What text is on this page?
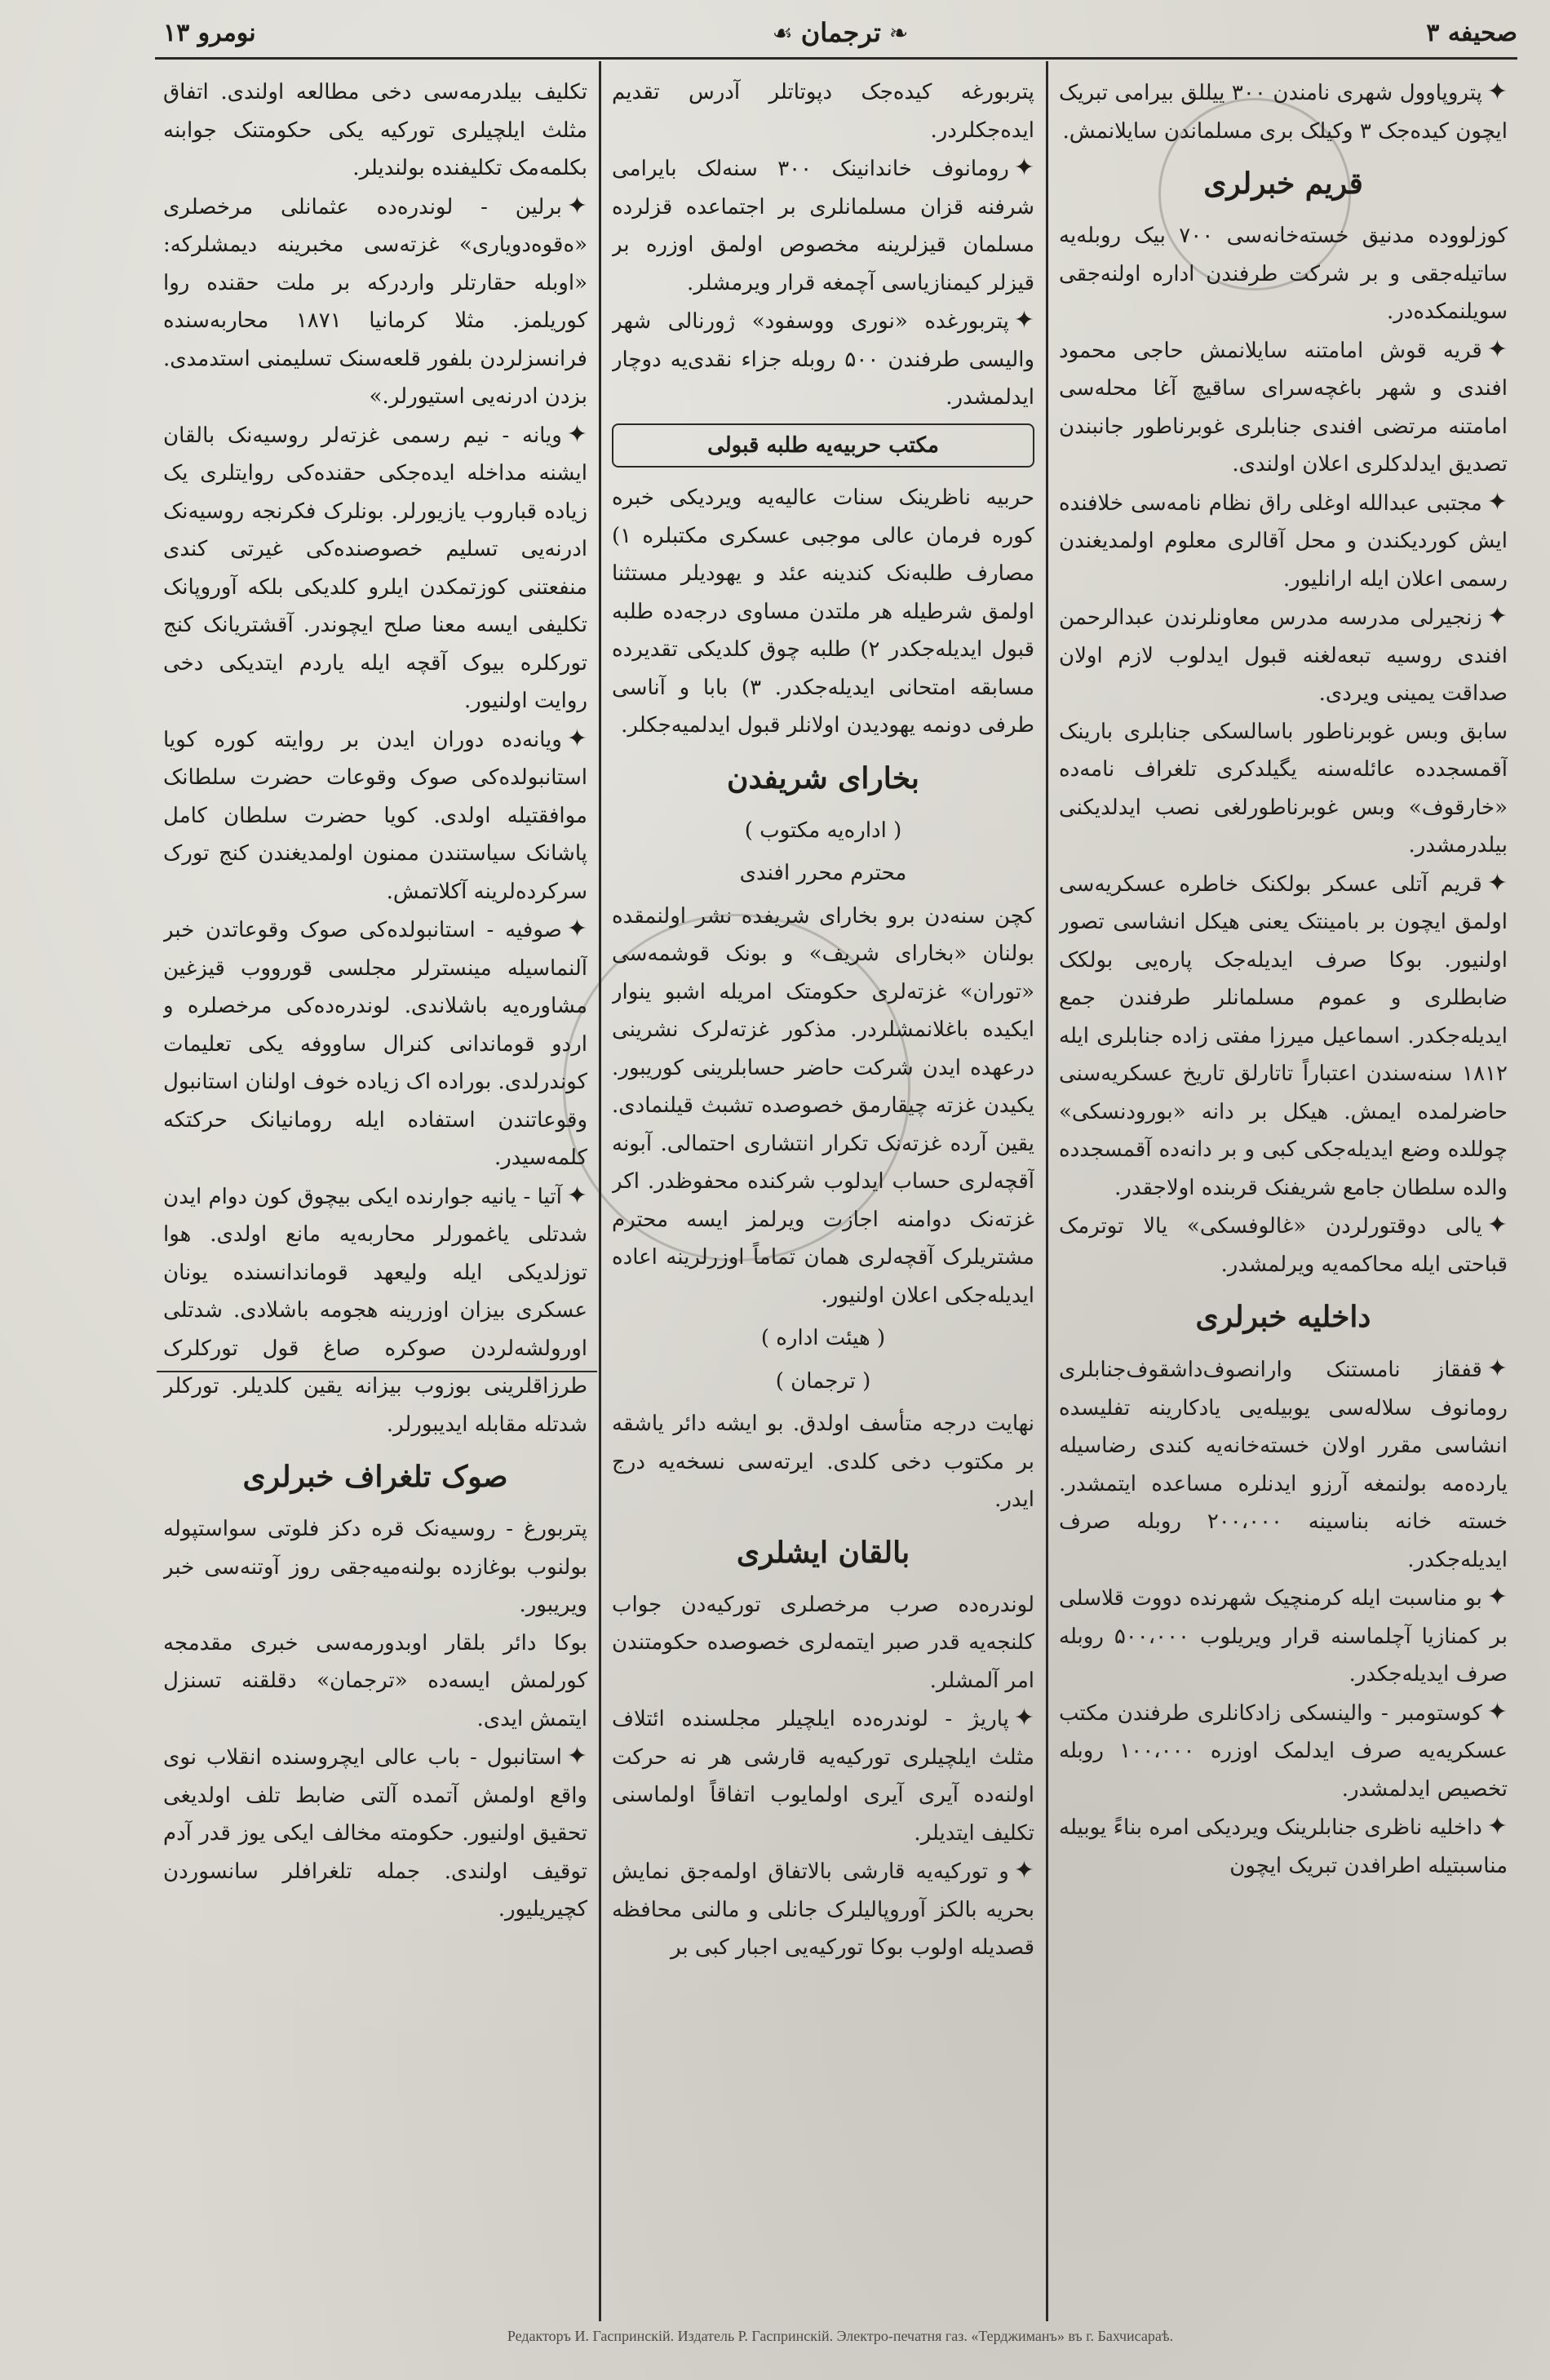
صحیفه ۳
❧
ترجمان
☙
نومرو ۱۳

✦پتروپاوول شهری نامندن ۳۰۰ ییللق بیرامی تبریک ایچون کیده‌جک ۳ وکیلک بری مسلماندن سایلانمش.

قریم خبرلری

کوزلووده مدنیق خسته‌خانه‌سی ۷۰۰ بیک روبله‌یه ساتیله‌جقی و بر شرکت طرفندن اداره اولنه‌جقی سویلنمکده‌در.

✦قریه قوش امامتنه سایلانمش حاجی محمود افندی و شهر باغچه‌سرای ساقیچ آغا محله‌سی امامتنه مرتضی افندی جنابلری غوبرناطور جانبندن تصدیق ایدلدکلری اعلان اولندی.

✦مجتبی عبدالله اوغلی راق نظام نامه‌سی خلافنده ایش کوردیکندن و محل آقالری معلوم اولمدیغندن رسمی اعلان ایله ارانلیور.

✦زنجیرلی مدرسه مدرس معاونلرندن عبدالرحمن افندی روسیه تبعه‌لغنه قبول ایدلوب لازم اولان صداقت یمینی ویردی.

سابق وبس غوبرناطور باسالسکی جنابلری بارینک آقمسجدده عائله‌سنه یگیلدکری تلغراف نامه‌ده «خارقوف» وبس غوبرناطورلغی نصب ایدلدیکنی بیلدرمشدر.

✦قریم آتلی عسکر بولکنک خاطره عسکریه‌سی اولمق ایچون بر بامینتک یعنی هیکل انشاسی تصور اولنیور. بوکا صرف ایدیله‌جک پاره‌یی بولکک ضابطلری و عموم مسلمانلر طرفندن جمع ایدیله‌جکدر. اسماعیل میرزا مفتی زاده جنابلری ایله ۱۸۱۲ سنه‌سندن اعتباراً تاتارلق تاریخ عسکریه‌سنی حاضرلمده ایمش. هیکل بر دانه «بورودنسکی» چوللده وضع ایدیله‌جکی کبی و بر دانه‌ده آقمسجدده والده سلطان جامع شریفنک قربنده اولاجقدر.

✦یالی دوقتورلردن «غالوفسکی» یالا توترمک قباحتی ایله محاکمه‌یه ویرلمشدر.

داخلیه خبرلری

✦قفقاز نامستنک وارانصوف‌داشقوف‌جنابلری رومانوف سلاله‌سی یوبیله‌یی یادکارینه تفلیسده انشاسی مقرر اولان خسته‌خانه‌یه کندی رضاسیله یارده‌مه بولنمغه آرزو ایدنلره مساعده ایتمشدر. خسته خانه بناسینه ۲۰۰،۰۰۰ روبله صرف ایدیله‌جکدر.

✦بو مناسبت ایله کرمنچیک شهرنده دووت قلاسلی بر کمنازیا آچلماسنه قرار ویریلوب ۵۰۰،۰۰۰ روبله صرف ایدیله‌جکدر.

✦کوستومبر - والینسکی زادکانلری طرفندن مکتب عسکریه‌یه صرف ایدلمک اوزره ۱۰۰،۰۰۰ روبله تخصیص ایدلمشدر.

✦داخلیه ناظری جنابلرینک ویردیکی امره بناءً یوبیله مناسبتیله اطرافدن تبریک ایچون

پتربورغه کیده‌جک دپوتاتلر آدرس تقدیم ایده‌جکلردر.

✦رومانوف خاندانینک ۳۰۰ سنه‌لک بایرامی شرفنه قزان مسلمانلری بر اجتماعده قزلرده مسلمان قیزلرینه مخصوص اولمق اوزره بر قیزلر کیمنازیاسی آچمغه قرار ویرمشلر.

✦پتربورغده «نوری ووسفود» ژورنالی شهر والیسی طرفندن ۵۰۰ روبله جزاء نقدی‌یه دوچار ایدلمشدر.

مکتب حربیه‌یه طلبه قبولی

حربیه ناظرینک سنات عالیه‌یه ویردیکی خبره کوره فرمان عالی موجبی عسکری مکتبلره ۱) مصارف طلبه‌نک کندینه عئد و یهودیلر مستثنا اولمق شرطیله هر ملتدن مساوی درجه‌ده طلبه قبول ایدیله‌جکدر ۲) طلبه چوق کلدیکی تقدیرده مسابقه امتحانی ایدیله‌جکدر. ۳) بابا و آناسی طرفی دونمه یهودیدن اولانلر قبول ایدلمیه‌جکلر.

بخارای شریفدن
( اداره‌یه مکتوب )
محترم محرر افندی

کچن سنه‌دن برو بخارای شریفده نشر اولنمقده بولنان «بخارای شریف» و بونک قوشمه‌سی «توران» غزته‌لری حکومتک امریله اشبو ینوار ایکیده باغلانمشلردر. مذکور غزته‌لرک نشرینی درعهده ایدن شرکت حاضر حسابلرینی کوریبور. یکیدن غزته چیقارمق خصوصده تشبث قیلنمادی. یقین آرده غزته‌نک تکرار انتشاری احتمالی. آبونه آقچه‌لری حساب ایدلوب شرکنده محفوظدر. اکر غزته‌نک دوامنه اجازت ویرلمز ایسه محترم مشتریلرک آقچه‌لری همان تماماً اوزرلرینه اعاده ایدیله‌جکی اعلان اولنیور.

( هیئت اداره )
( ترجمان )

نهایت درجه متأسف اولدق. بو ایشه دائر یاشقه بر مکتوب دخی کلدی. ایرته‌سی نسخه‌یه درج ایدر.

بالقان ایشلری

لوندره‌ده صرب مرخصلری تورکیه‌دن جواب کلنجه‌یه قدر صبر ایتمه‌لری خصوصده حکومتندن امر آلمشلر.

✦پاریژ - لوندره‌ده ایلچیلر مجلسنده ائتلاف مثلث ایلچیلری تورکیه‌یه قارشی هر نه حرکت اولنه‌ده آیری آیری اولمایوب اتفاقاً اولماسنی تکلیف ایتدیلر.

✦و تورکیه‌یه قارشی بالاتفاق اولمه‌جق نمایش بحریه بالکز آوروپالیلرک جانلی و مالنی محافظه قصدیله اولوب بوکا تورکیه‌یی اجبار کبی بر

تکلیف بیلدرمه‌سی دخی مطالعه اولندی. اتفاق مثلث ایلچیلری تورکیه یکی حکومتنک جوابنه بکلمه‌مک تکلیفنده بولندیلر.

✦برلین - لوندره‌ده عثمانلی مرخصلری «ه‌قوه‌دو‌یاری» غزته‌سی مخبرینه دیمشلرکه: «اوبله حقارتلر واردرکه بر ملت حقنده روا کوریلمز. مثلا کرمانیا ۱۸۷۱ محاربه‌سنده فرانسزلردن بلفور قلعه‌سنک تسلیمنی استدمدی. بزدن ادرنه‌یی استیورلر.»

✦ویانه - نیم رسمی غزته‌لر روسیه‌نک بالقان ایشنه مداخله ایده‌جکی حقنده‌کی روایتلری یک زیاده قباروب یازیورلر. بونلرک فکرنجه روسیه‌نک ادرنه‌یی تسلیم خصوصنده‌کی غیرتی کندی منفعتنی کوزتمکدن ایلرو کلدیکی بلکه آوروپانک تکلیفی ایسه معنا صلح ایچوندر. آقشتریانک کنج تورکلره بیوک آقچه ایله یاردم ایتدیکی دخی روایت اولنیور.

✦ویانه‌ده دوران ایدن بر روایته کوره کویا استانبولده‌کی صوک وقوعات حضرت سلطانک موافقتیله اولدی. کویا حضرت سلطان کامل پاشانک سیاستندن ممنون اولمدیغندن کنج تورک سرکرده‌لرینه آکلاتمش.

✦صوفیه - استانبولده‌کی صوک وقوعاتدن خبر آلنماسیله مینسترلر مجلسی قورووب قیزغین مشاوره‌یه باشلاندی. لوندره‌ده‌کی مرخصلره و اردو قوماندانی کنرال ساووفه یکی تعلیمات کوندرلدی. بوراده اک زیاده خوف اولنان استانبول وقوعاتندن استفاده ایله رومانیانک حرکتکه کلمه‌سیدر.

✦آتیا - یانیه جوارنده ایکی بیچوق کون دوام ایدن شدتلی یاغمورلر محاربه‌یه مانع اولدی. هوا توزلدیکی ایله ولیعهد قوماندانسنده یونان عسکری بیزان اوزرینه هجومه باشلادی. شدتلی اورولشه‌لردن صوکره صاغ قول تورکلرک طرزاقلرینی بوزوب بیزانه یقین کلدیلر. تورکلر شدتله مقابله ایدیبورلر.

صوک تلغراف خبرلری

پتربورغ - روسیه‌نک قره دکز فلوتی سواستپوله بولنوب بوغازده بولنه‌میه‌جقی روز آوتنه‌سی خبر ویریبور.

بوکا دائر بلقار اوبدورمه‌سی خبری مقدمجه کورلمش ایسه‌ده «ترجمان» دقلقنه تسنزل ایتمش ایدی.

✦استانبول - باب عالی ایچروسنده انقلاب نوی واقع اولمش آتمده آلتی ضابط تلف اولدیغی تحقیق اولنیور. حکومته مخالف ایکی یوز قدر آدم توقیف اولندی. جمله تلغرافلر سانسوردن کچیریلیور.

Редакторъ И. Гаспринскій. Издатель Р. Гаспринскій. Электро-печатня газ. «Терджиманъ» въ г. Бахчисараѣ.
